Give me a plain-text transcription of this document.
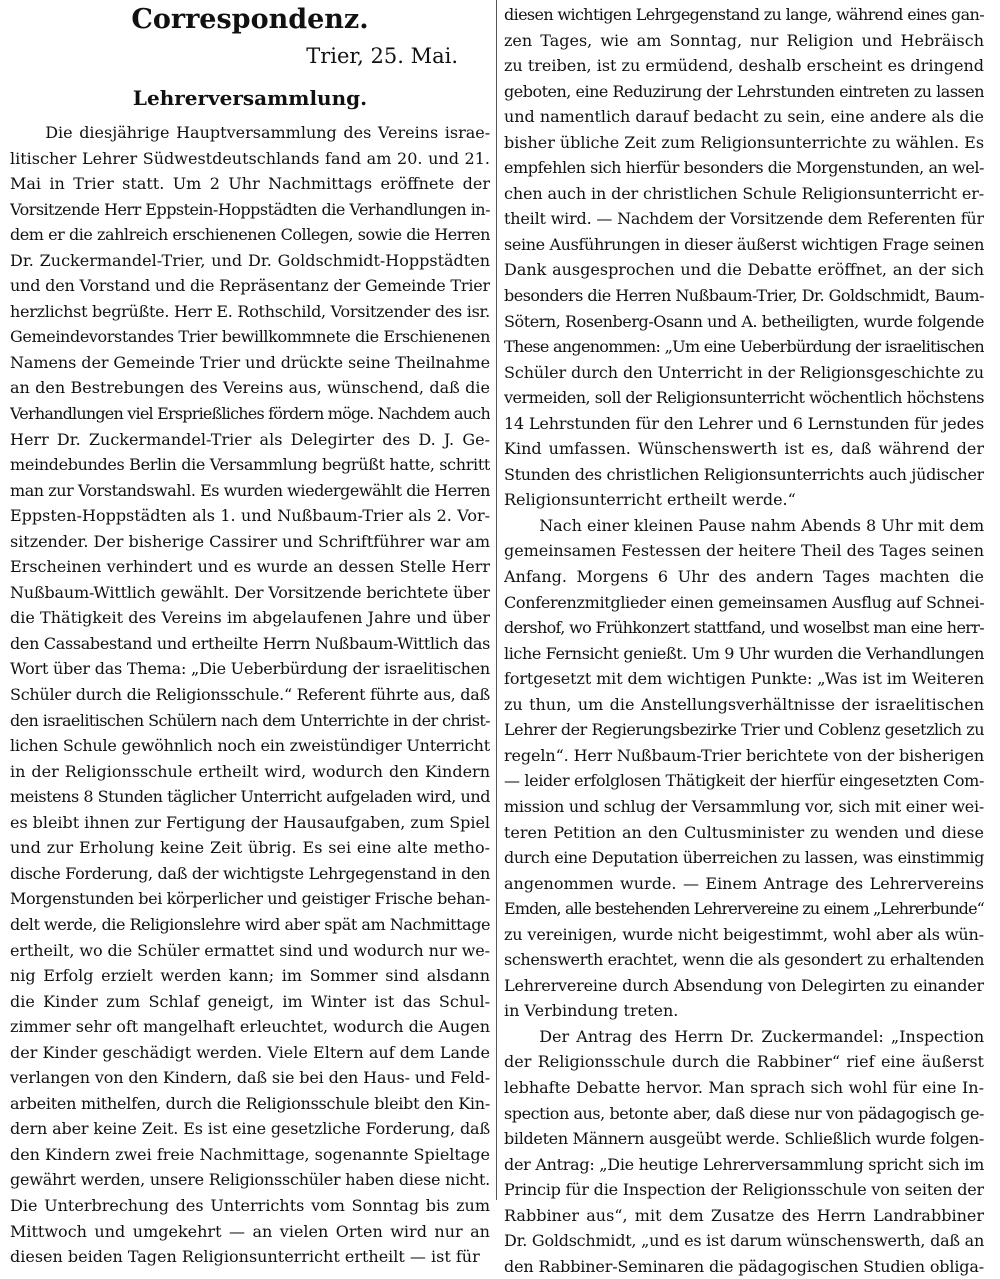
Correspondenz.
Trier, 25. Mai.
Lehrerversammlung.
Die diesjährige Hauptversammlung des Vereins israe-
litischer Lehrer Südwestdeutschlands fand am 20. und 21.
Mai in Trier statt. Um 2 Uhr Nachmittags eröffnete der
Vorsitzende Herr Eppstein-Hoppstädten die Verhandlungen in-
dem er die zahlreich erschienenen Collegen, sowie die Herren
Dr. Zuckermandel-Trier, und Dr. Goldschmidt-Hoppstädten
und den Vorstand und die Repräsentanz der Gemeinde Trier
herzlichst begrüßte. Herr E. Rothschild, Vorsitzender des isr.
Gemeindevorstandes Trier bewillkommnete die Erschienenen
Namens der Gemeinde Trier und drückte seine Theilnahme
an den Bestrebungen des Vereins aus, wünschend, daß die
Verhandlungen viel Ersprießliches fördern möge. Nachdem auch
Herr Dr. Zuckermandel-Trier als Delegirter des D. J. Ge-
meindebundes Berlin die Versammlung begrüßt hatte, schritt
man zur Vorstandswahl. Es wurden wiedergewählt die Herren
Eppsten-Hoppstädten als 1. und Nußbaum-Trier als 2. Vor-
sitzender. Der bisherige Cassirer und Schriftführer war am
Erscheinen verhindert und es wurde an dessen Stelle Herr
Nußbaum-Wittlich gewählt. Der Vorsitzende berichtete über
die Thätigkeit des Vereins im abgelaufenen Jahre und über
den Cassabestand und ertheilte Herrn Nußbaum-Wittlich das
Wort über das Thema: „Die Ueberbürdung der israelitischen
Schüler durch die Religionsschule.“ Referent führte aus, daß
den israelitischen Schülern nach dem Unterrichte in der christ-
lichen Schule gewöhnlich noch ein zweistündiger Unterricht
in der Religionsschule ertheilt wird, wodurch den Kindern
meistens 8 Stunden täglicher Unterricht aufgeladen wird, und
es bleibt ihnen zur Fertigung der Hausaufgaben, zum Spiel
und zur Erholung keine Zeit übrig. Es sei eine alte metho-
dische Forderung, daß der wichtigste Lehrgegenstand in den
Morgenstunden bei körperlicher und geistiger Frische behan-
delt werde, die Religionslehre wird aber spät am Nachmittage
ertheilt, wo die Schüler ermattet sind und wodurch nur we-
nig Erfolg erzielt werden kann; im Sommer sind alsdann
die Kinder zum Schlaf geneigt, im Winter ist das Schul-
zimmer sehr oft mangelhaft erleuchtet, wodurch die Augen
der Kinder geschädigt werden. Viele Eltern auf dem Lande
verlangen von den Kindern, daß sie bei den Haus- und Feld-
arbeiten mithelfen, durch die Religionsschule bleibt den Kin-
dern aber keine Zeit. Es ist eine gesetzliche Forderung, daß
den Kindern zwei freie Nachmittage, sogenannte Spieltage
gewährt werden, unsere Religionsschüler haben diese nicht.
Die Unterbrechung des Unterrichts vom Sonntag bis zum
Mittwoch und umgekehrt — an vielen Orten wird nur an
diesen beiden Tagen Religionsunterricht ertheilt — ist für
diesen wichtigen Lehrgegenstand zu lange, während eines gan-
zen Tages, wie am Sonntag, nur Religion und Hebräisch
zu treiben, ist zu ermüdend, deshalb erscheint es dringend
geboten, eine Reduzirung der Lehrstunden eintreten zu lassen
und namentlich darauf bedacht zu sein, eine andere als die
bisher übliche Zeit zum Religionsunterrichte zu wählen. Es
empfehlen sich hierfür besonders die Morgenstunden, an wel-
chen auch in der christlichen Schule Religionsunterricht er-
theilt wird. — Nachdem der Vorsitzende dem Referenten für
seine Ausführungen in dieser äußerst wichtigen Frage seinen
Dank ausgesprochen und die Debatte eröffnet, an der sich
besonders die Herren Nußbaum-Trier, Dr. Goldschmidt, Baum-
Sötern, Rosenberg-Osann und A. betheiligten, wurde folgende
These angenommen: „Um eine Ueberbürdung der israelitischen
Schüler durch den Unterricht in der Religionsgeschichte zu
vermeiden, soll der Religionsunterricht wöchentlich höchstens
14 Lehrstunden für den Lehrer und 6 Lernstunden für jedes
Kind umfassen. Wünschenswerth ist es, daß während der
Stunden des christlichen Religionsunterrichts auch jüdischer
Religionsunterricht ertheilt werde.“
Nach einer kleinen Pause nahm Abends 8 Uhr mit dem
gemeinsamen Festessen der heitere Theil des Tages seinen
Anfang. Morgens 6 Uhr des andern Tages machten die
Conferenzmitglieder einen gemeinsamen Ausflug auf Schnei-
dershof, wo Frühkonzert stattfand, und woselbst man eine herr-
liche Fernsicht genießt. Um 9 Uhr wurden die Verhandlungen
fortgesetzt mit dem wichtigen Punkte: „Was ist im Weiteren
zu thun, um die Anstellungsverhältnisse der israelitischen
Lehrer der Regierungsbezirke Trier und Coblenz gesetzlich zu
regeln“. Herr Nußbaum-Trier berichtete von der bisherigen
— leider erfolglosen Thätigkeit der hierfür eingesetzten Com-
mission und schlug der Versammlung vor, sich mit einer wei-
teren Petition an den Cultusminister zu wenden und diese
durch eine Deputation überreichen zu lassen, was einstimmig
angenommen wurde. — Einem Antrage des Lehrervereins
Emden, alle bestehenden Lehrervereine zu einem „Lehrerbunde“
zu vereinigen, wurde nicht beigestimmt, wohl aber als wün-
schenswerth erachtet, wenn die als gesondert zu erhaltenden
Lehrervereine durch Absendung von Delegirten zu einander
in Verbindung treten.
Der Antrag des Herrn Dr. Zuckermandel: „Inspection
der Religionsschule durch die Rabbiner“ rief eine äußerst
lebhafte Debatte hervor. Man sprach sich wohl für eine In-
spection aus, betonte aber, daß diese nur von pädagogisch ge-
bildeten Männern ausgeübt werde. Schließlich wurde folgen-
der Antrag: „Die heutige Lehrerversammlung spricht sich im
Princip für die Inspection der Religionsschule von seiten der
Rabbiner aus“, mit dem Zusatze des Herrn Landrabbiner
Dr. Goldschmidt, „und es ist darum wünschenswerth, daß an
den Rabbiner-Seminaren die pädagogischen Studien obliga-
